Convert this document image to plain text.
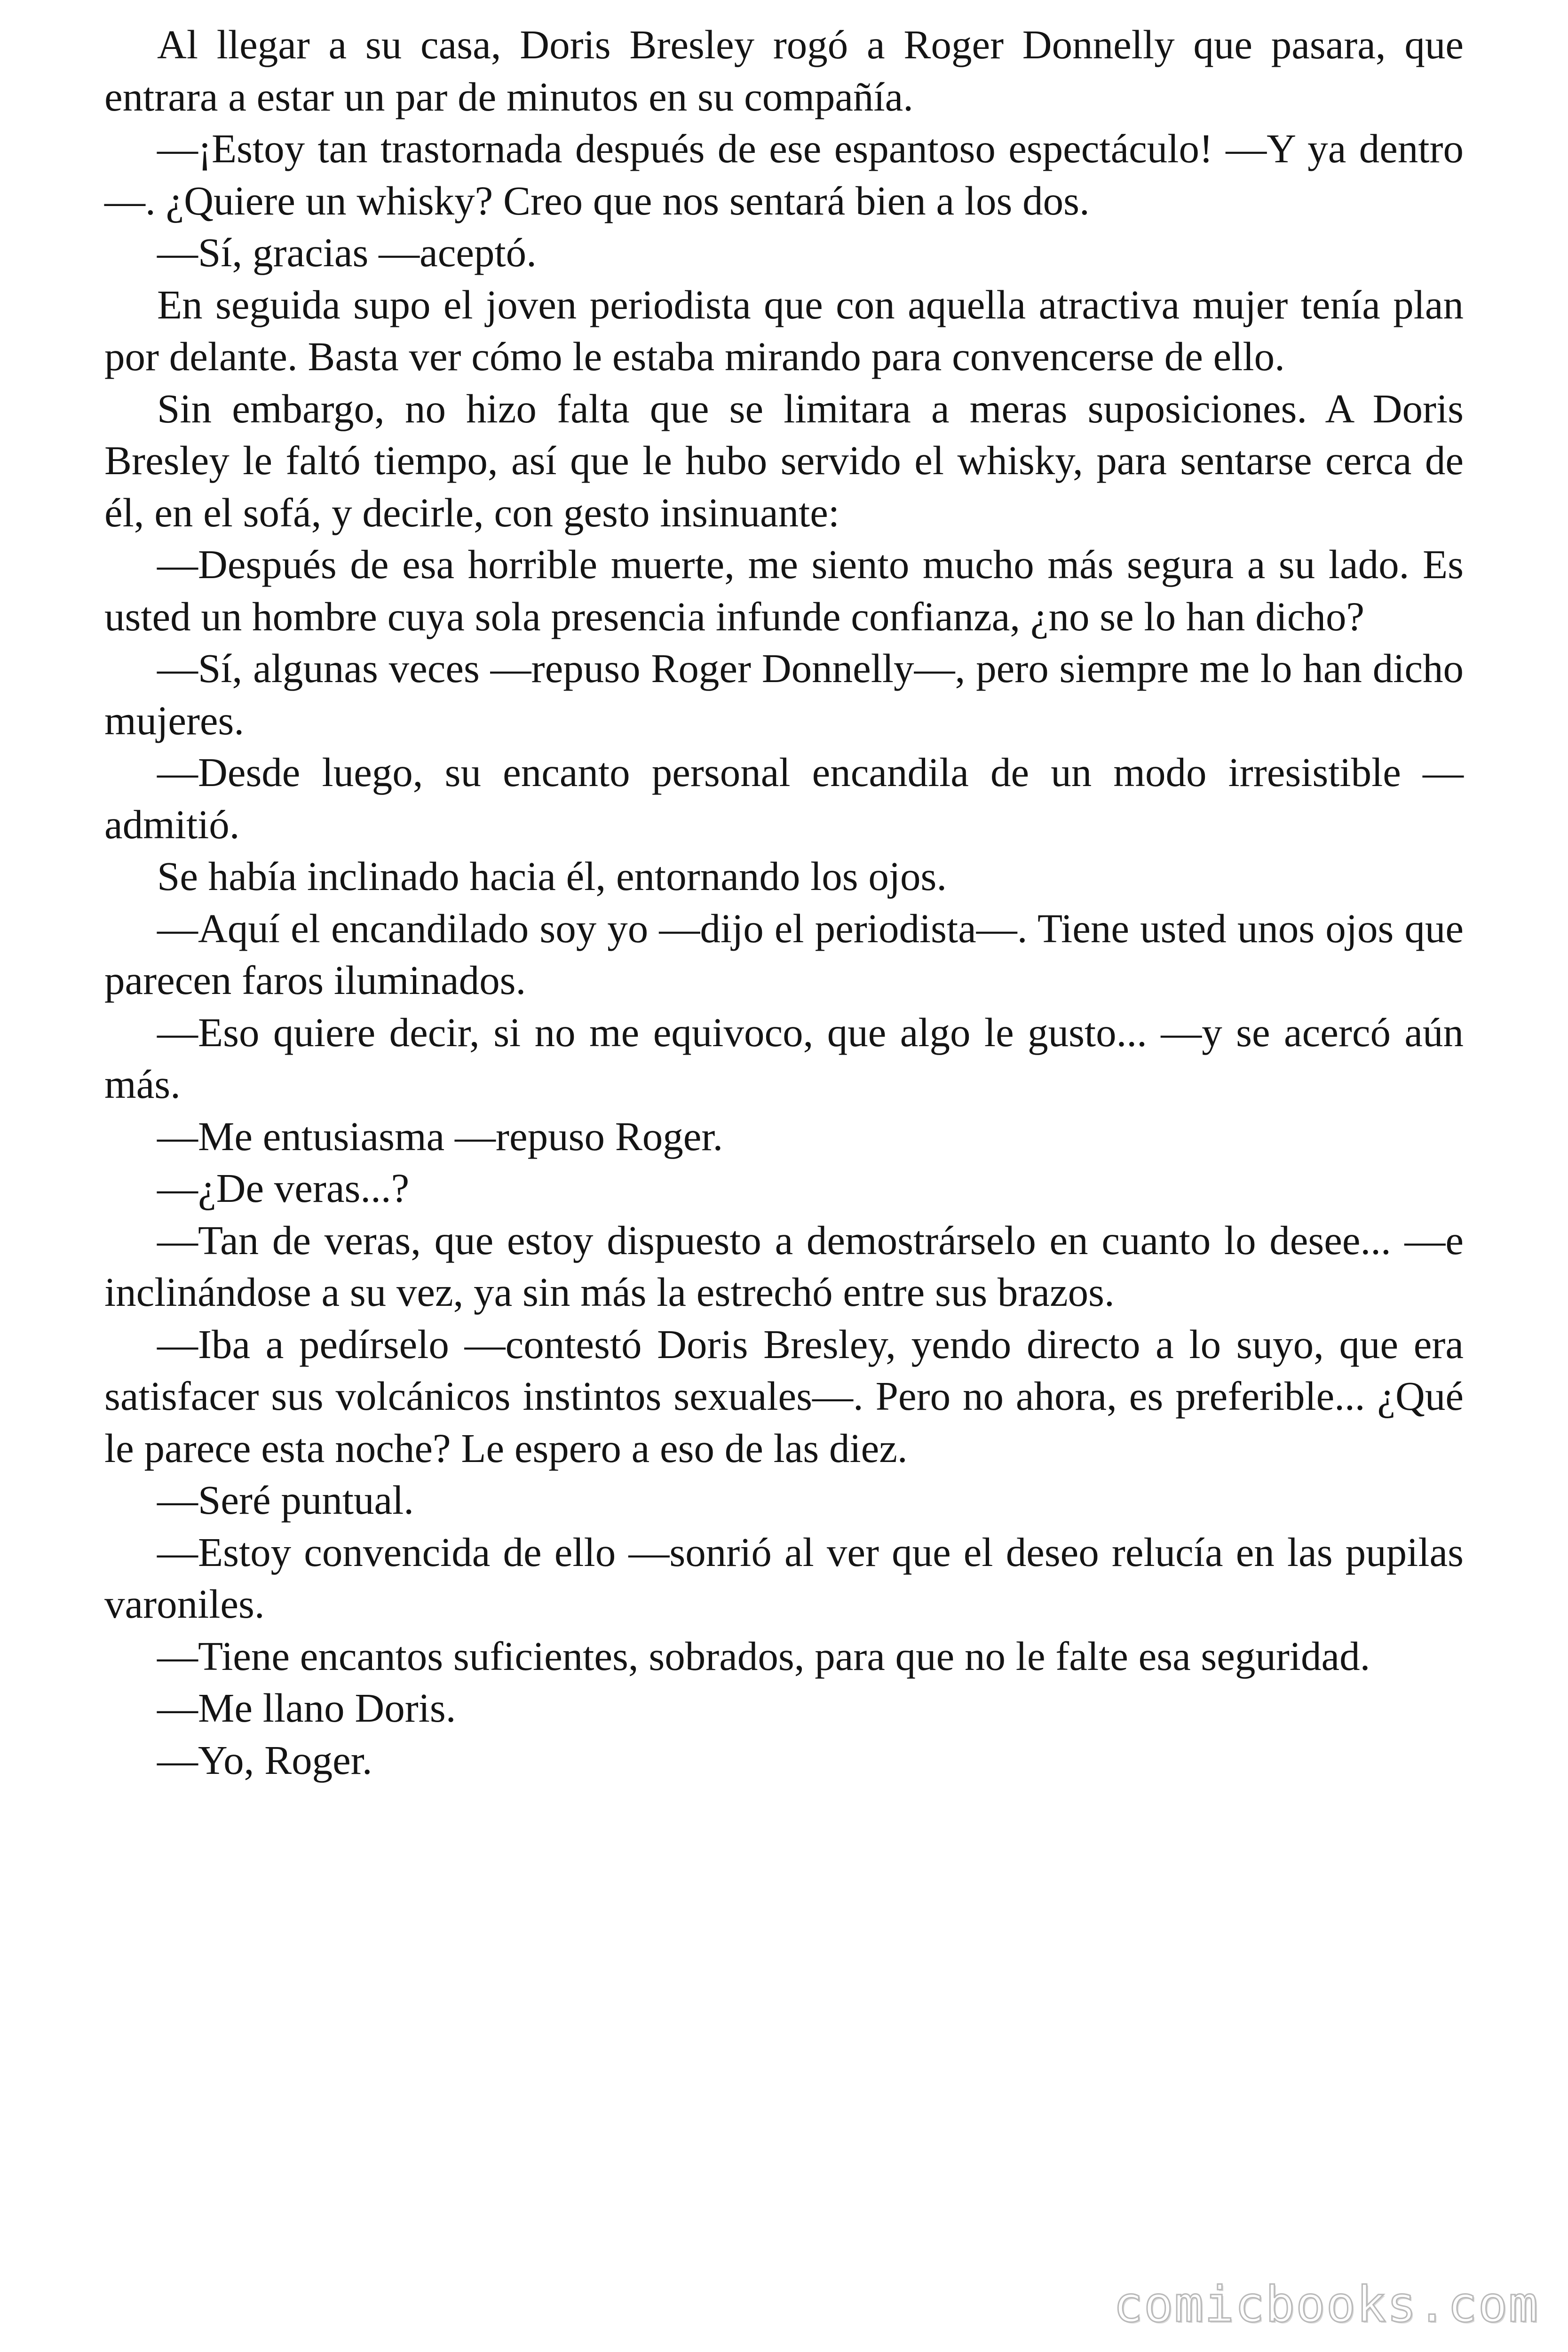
Al llegar a su casa, Doris Bresley rogó a Roger Donnelly que pasara, que entrara a estar un par de minutos en su compañía.

—¡Estoy tan trastornada después de ese espantoso espectáculo! —Y ya dentro—. ¿Quiere un whisky? Creo que nos sentará bien a los dos.

—Sí, gracias —aceptó.

En seguida supo el joven periodista que con aquella atractiva mujer tenía plan por delante. Basta ver cómo le estaba mirando para convencerse de ello.

Sin embargo, no hizo falta que se limitara a meras suposiciones. A Doris Bresley le faltó tiempo, así que le hubo servido el whisky, para sentarse cerca de él, en el sofá, y decirle, con gesto insinuante:

—Después de esa horrible muerte, me siento mucho más segura a su lado. Es usted un hombre cuya sola presencia infunde confianza, ¿no se lo han dicho?

—Sí, algunas veces —repuso Roger Donnelly—, pero siempre me lo han dicho mujeres.

—Desde luego, su encanto personal encandila de un modo irresistible —admitió.

Se había inclinado hacia él, entornando los ojos.

—Aquí el encandilado soy yo —dijo el periodista—. Tiene usted unos ojos que parecen faros iluminados.

—Eso quiere decir, si no me equivoco, que algo le gusto... —y se acercó aún más.

—Me entusiasma —repuso Roger.

—¿De veras...?

—Tan de veras, que estoy dispuesto a demostrárselo en cuanto lo desee... —e inclinándose a su vez, ya sin más la estrechó entre sus brazos.

—Iba a pedírselo —contestó Doris Bresley, yendo directo a lo suyo, que era satisfacer sus volcánicos instintos sexuales—. Pero no ahora, es preferible... ¿Qué le parece esta noche? Le espero a eso de las diez.

—Seré puntual.

—Estoy convencida de ello —sonrió al ver que el deseo relucía en las pupilas varoniles.

—Tiene encantos suficientes, sobrados, para que no le falte esa seguridad.

—Me llano Doris.

—Yo, Roger.

comicbooks.com
